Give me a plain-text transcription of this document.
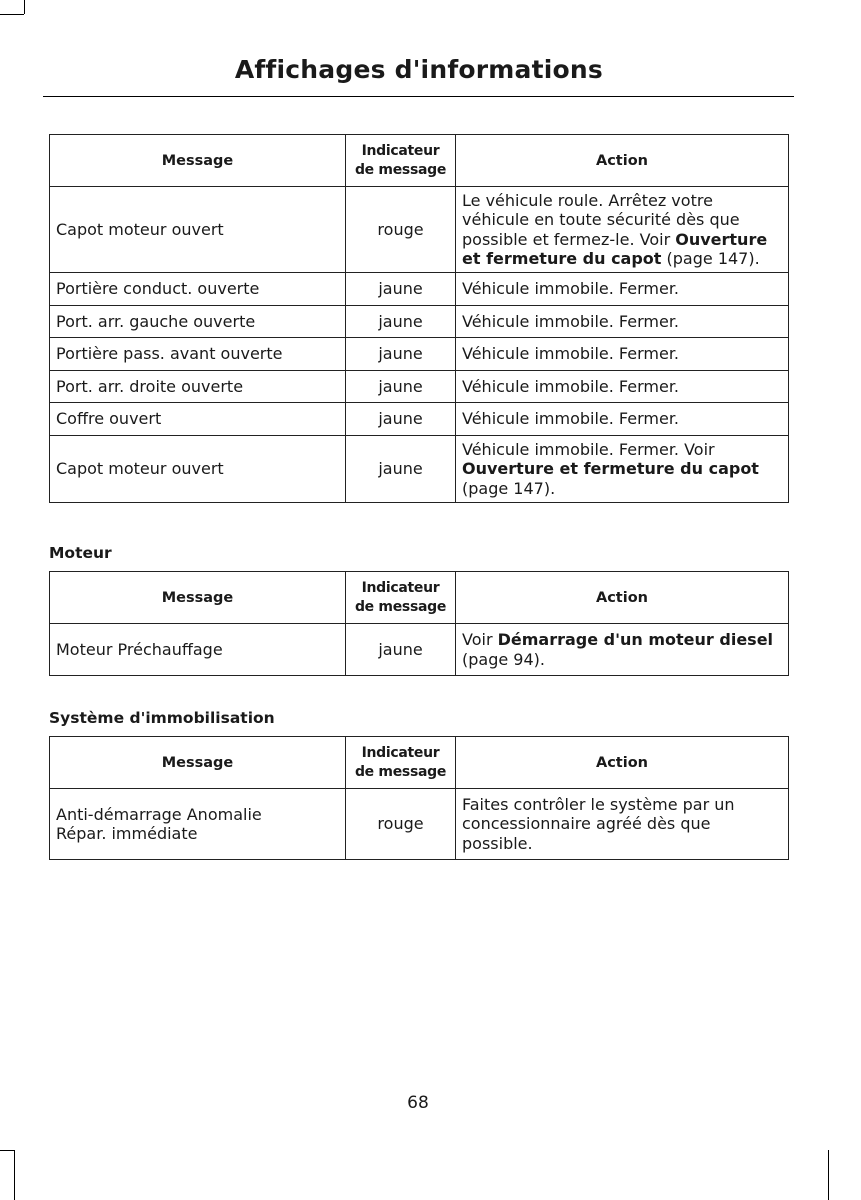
Affichages d'informations
Message	Indicateur de message	Action
Capot moteur ouvert	rouge	Le véhicule roule. Arrêtez votre véhicule en toute sécurité dès que possible et fermez-le. Voir Ouverture et fermeture du capot (page 147).
Portière conduct. ouverte	jaune	Véhicule immobile. Fermer.
Port. arr. gauche ouverte	jaune	Véhicule immobile. Fermer.
Portière pass. avant ouverte	jaune	Véhicule immobile. Fermer.
Port. arr. droite ouverte	jaune	Véhicule immobile. Fermer.
Coffre ouvert	jaune	Véhicule immobile. Fermer.
Capot moteur ouvert	jaune	Véhicule immobile. Fermer. Voir Ouverture et fermeture du capot (page 147).
Moteur
Message	Indicateur de message	Action
Moteur Préchauffage	jaune	Voir Démarrage d'un moteur diesel (page 94).
Système d'immobilisation
Message	Indicateur de message	Action
Anti-démarrage Anomalie Répar. immédiate	rouge	Faites contrôler le système par un concessionnaire agréé dès que possible.
68
